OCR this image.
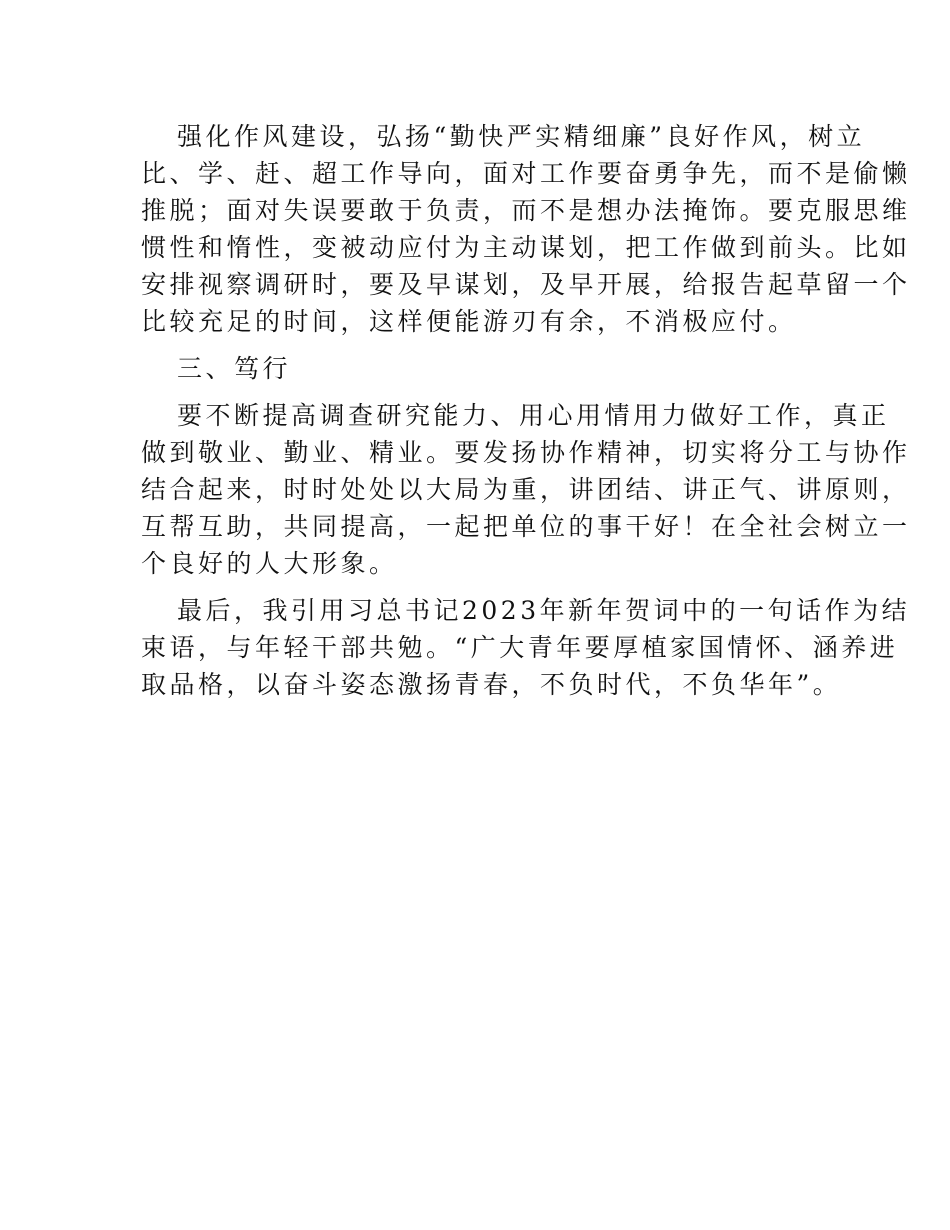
强化作风建设，弘扬“勤快严实精细廉”良好作风，树立
比、学、赶、超工作导向，面对工作要奋勇争先，而不是偷懒
推脱；面对失误要敢于负责，而不是想办法掩饰。要克服思维
惯性和惰性，变被动应付为主动谋划，把工作做到前头。比如
安排视察调研时，要及早谋划，及早开展，给报告起草留一个
比较充足的时间，这样便能游刃有余，不消极应付。
三、笃行
要不断提高调查研究能力、用心用情用力做好工作，真正
做到敬业、勤业、精业。要发扬协作精神，切实将分工与协作
结合起来，时时处处以大局为重，讲团结、讲正气、讲原则，
互帮互助，共同提高，一起把单位的事干好！在全社会树立一
个良好的人大形象。
最后，我引用习总书记2023年新年贺词中的一句话作为结
束语，与年轻干部共勉。“广大青年要厚植家国情怀、涵养进
取品格，以奋斗姿态激扬青春，不负时代，不负华年”。
